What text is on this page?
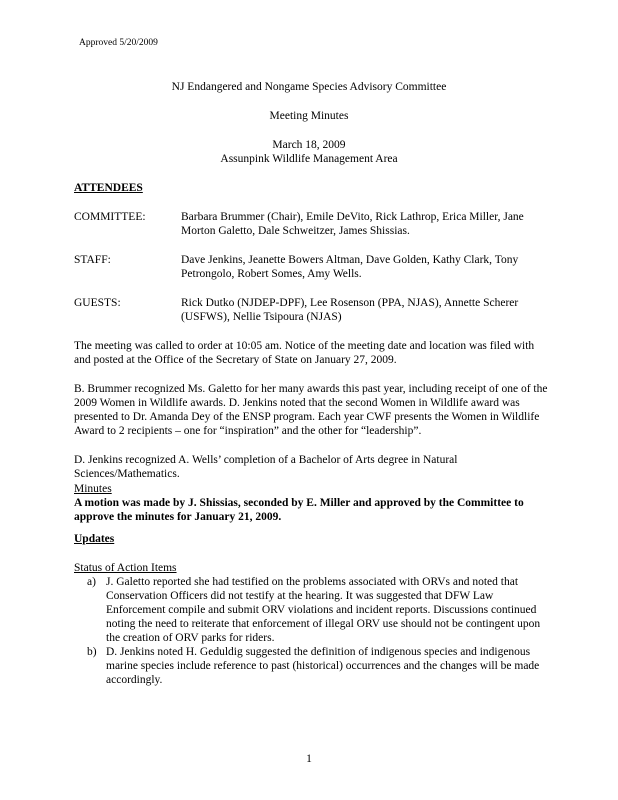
Approved 5/20/2009
NJ Endangered and Nongame Species Advisory Committee
Meeting Minutes
March 18, 2009
Assunpink Wildlife Management Area
ATTENDEES
COMMITTEE:	Barbara Brummer (Chair), Emile DeVito, Rick Lathrop, Erica Miller, Jane Morton Galetto, Dale Schweitzer, James Shissias.
STAFF:	Dave Jenkins, Jeanette Bowers Altman, Dave Golden, Kathy Clark, Tony Petrongolo, Robert Somes, Amy Wells.
GUESTS:	Rick Dutko (NJDEP-DPF), Lee Rosenson (PPA, NJAS), Annette Scherer (USFWS), Nellie Tsipoura (NJAS)
The meeting was called to order at 10:05 am. Notice of the meeting date and location was filed with and posted at the Office of the Secretary of State on January 27, 2009.
B. Brummer recognized Ms. Galetto for her many awards this past year, including receipt of one of the 2009 Women in Wildlife awards. D. Jenkins noted that the second Women in Wildlife award was presented to Dr. Amanda Dey of the ENSP program. Each year CWF presents the Women in Wildlife Award to 2 recipients – one for “inspiration” and the other for “leadership”.
D. Jenkins recognized A. Wells’ completion of a Bachelor of Arts degree in Natural Sciences/Mathematics.
Minutes
A motion was made by J. Shissias, seconded by E. Miller and approved by the Committee to approve the minutes for January 21, 2009.
Updates
Status of Action Items
a) J. Galetto reported she had testified on the problems associated with ORVs and noted that Conservation Officers did not testify at the hearing. It was suggested that DFW Law Enforcement compile and submit ORV violations and incident reports. Discussions continued noting the need to reiterate that enforcement of illegal ORV use should not be contingent upon the creation of ORV parks for riders.
b) D. Jenkins noted H. Geduldig suggested the definition of indigenous species and indigenous marine species include reference to past (historical) occurrences and the changes will be made accordingly.
1
